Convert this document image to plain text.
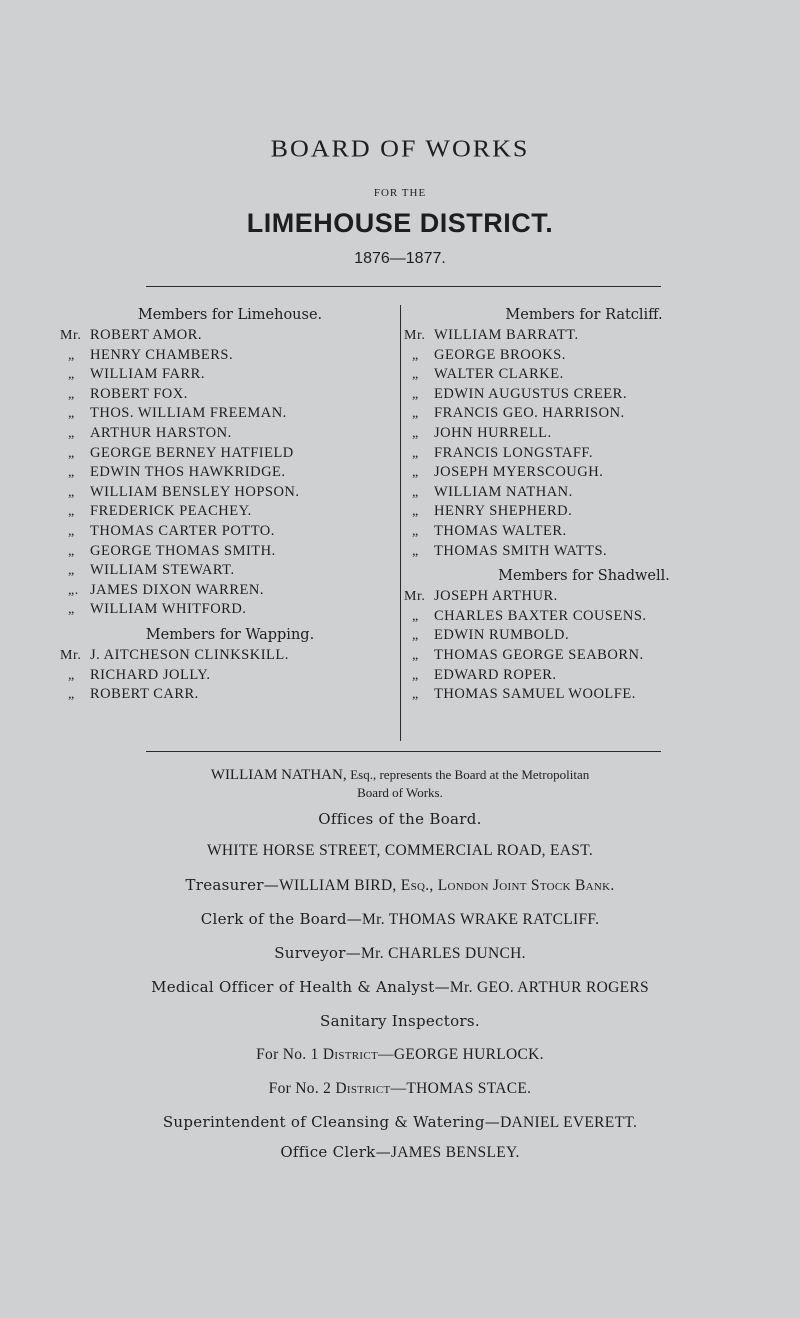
BOARD OF WORKS
FOR THE
LIMEHOUSE DISTRICT.
1876—1877.
Members for Limehouse.
Mr. ROBERT AMOR.
„ HENRY CHAMBERS.
„ WILLIAM FARR.
„ ROBERT FOX.
„ THOS. WILLIAM FREEMAN.
„ ARTHUR HARSTON.
„ GEORGE BERNEY HATFIELD
„ EDWIN THOS HAWKRIDGE.
„ WILLIAM BENSLEY HOPSON.
„ FREDERICK PEACHEY.
„ THOMAS CARTER POTTO.
„ GEORGE THOMAS SMITH.
„ WILLIAM STEWART.
„. JAMES DIXON WARREN.
„ WILLIAM WHITFORD.
Members for Wapping.
Mr. J. AITCHESON CLINKSKILL.
„ RICHARD JOLLY.
„ ROBERT CARR.
Members for Ratcliff.
Mr. WILLIAM BARRATT.
„ GEORGE BROOKS.
„ WALTER CLARKE.
„ EDWIN AUGUSTUS CREER.
„ FRANCIS GEO. HARRISON.
„ JOHN HURRELL.
„ FRANCIS LONGSTAFF.
„ JOSEPH MYERSCOUGH.
„ WILLIAM NATHAN.
„ HENRY SHEPHERD.
„ THOMAS WALTER.
„ THOMAS SMITH WATTS.
Members for Shadwell.
Mr. JOSEPH ARTHUR.
„ CHARLES BAXTER COUSENS.
„ EDWIN RUMBOLD.
„ THOMAS GEORGE SEABORN.
„ EDWARD ROPER.
„ THOMAS SAMUEL WOOLFE.
WILLIAM NATHAN, Esq., represents the Board at the Metropolitan
Board of Works.
Offices of the Board.
WHITE HORSE STREET, COMMERCIAL ROAD, EAST.
Treasurer—WILLIAM BIRD, Esq., London Joint Stock Bank.
Clerk of the Board—Mr. THOMAS WRAKE RATCLIFF.
Surveyor—Mr. CHARLES DUNCH.
Medical Officer of Health & Analyst—Mr. GEO. ARTHUR ROGERS
Sanitary Inspectors.
For No. 1 District—GEORGE HURLOCK.
For No. 2 District—THOMAS STACE.
Superintendent of Cleansing & Watering—DANIEL EVERETT.
Office Clerk—JAMES BENSLEY.
